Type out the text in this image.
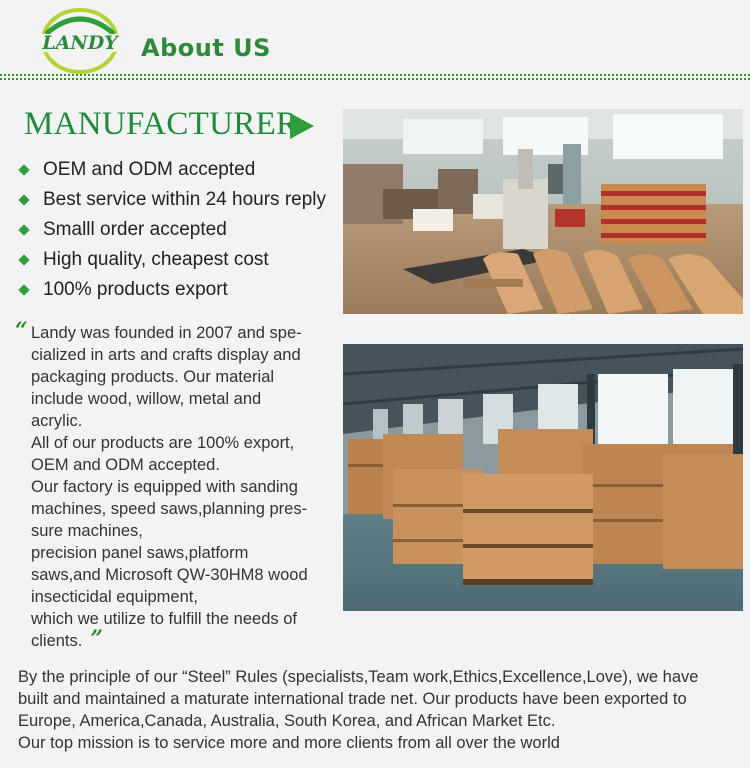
LANDY About US
MANUFACTURER
OEM and ODM accepted
Best service within 24 hours reply
Smalll order accepted
High quality, cheapest cost
100% products export
“ Landy was founded in 2007 and spe-

cialized in arts and crafts display and

packaging products. Our material

include wood, willow, metal and

acrylic.

All of our products are 100% export,

OEM and ODM accepted.

Our factory is equipped with sanding

machines, speed saws,planning pres-

sure machines,

precision panel saws,platform

saws,and Microsoft QW-30HM8 wood

insecticidal equipment,

which we utilize to fulfill the needs of

clients. ”

By the principle of our “Steel” Rules (specialists,Team work,Ethics,Excellence,Love), we have

built and maintained a maturate international trade net. Our products have been exported to

Europe, America,Canada, Australia, South Korea, and African Market Etc.

Our top mission is to service more and more clients from all over the world
